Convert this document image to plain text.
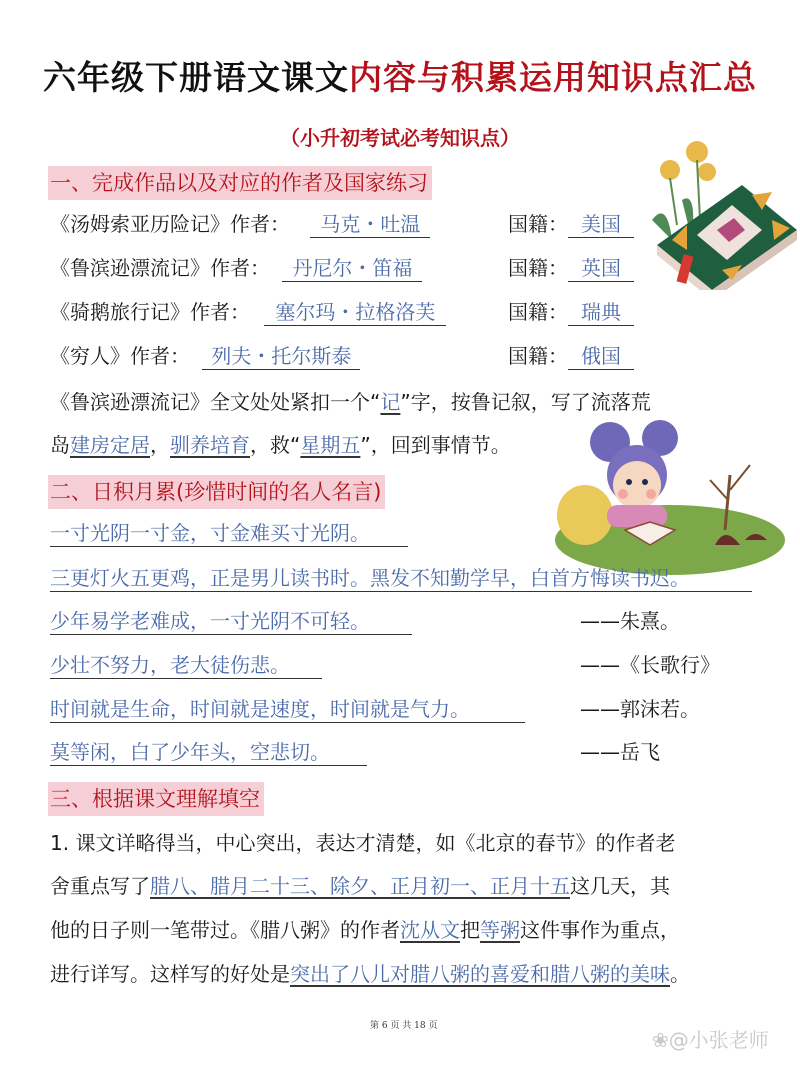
六年级下册语文课文内容与积累运用知识点汇总
（小升初考试必考知识点）
一、完成作品以及对应的作者及国家练习
《汤姆索亚历险记》作者： 马克・吐温	国籍： 美国
《鲁滨逊漂流记》作者： 丹尼尔・笛福	国籍： 英国
《骑鹅旅行记》作者： 塞尔玛・拉格洛芙	国籍： 瑞典
《穷人》作者： 列夫・托尔斯泰	国籍： 俄国
《鲁滨逊漂流记》全文处处紧扣一个“记”字，按鲁记叙，写了流落荒
岛建房定居，驯养培育，救“星期五”，回到事情节。
二、日积月累(珍惜时间的名人名言)
一寸光阴一寸金，寸金难买寸光阴。
三更灯火五更鸡，正是男儿读书时。黑发不知勤学早，白首方悔读书迟。
少年易学老难成，一寸光阴不可轻。	——朱熹。
少壮不努力，老大徒伤悲。	——《长歌行》
时间就是生命，时间就是速度，时间就是气力。	——郭沫若。
莫等闲，白了少年头，空悲切。	——岳飞
三、根据课文理解填空
1. 课文详略得当，中心突出，表达才清楚，如《北京的春节》的作者老
舍重点写了腊八、腊月二十三、除夕、正月初一、正月十五这几天，其
他的日子则一笔带过。《腊八粥》的作者沈从文把等粥这件事作为重点，
进行详写。这样写的好处是突出了八儿对腊八粥的喜爱和腊八粥的美味。
第 6 页 共 18 页
❀@小张老师
